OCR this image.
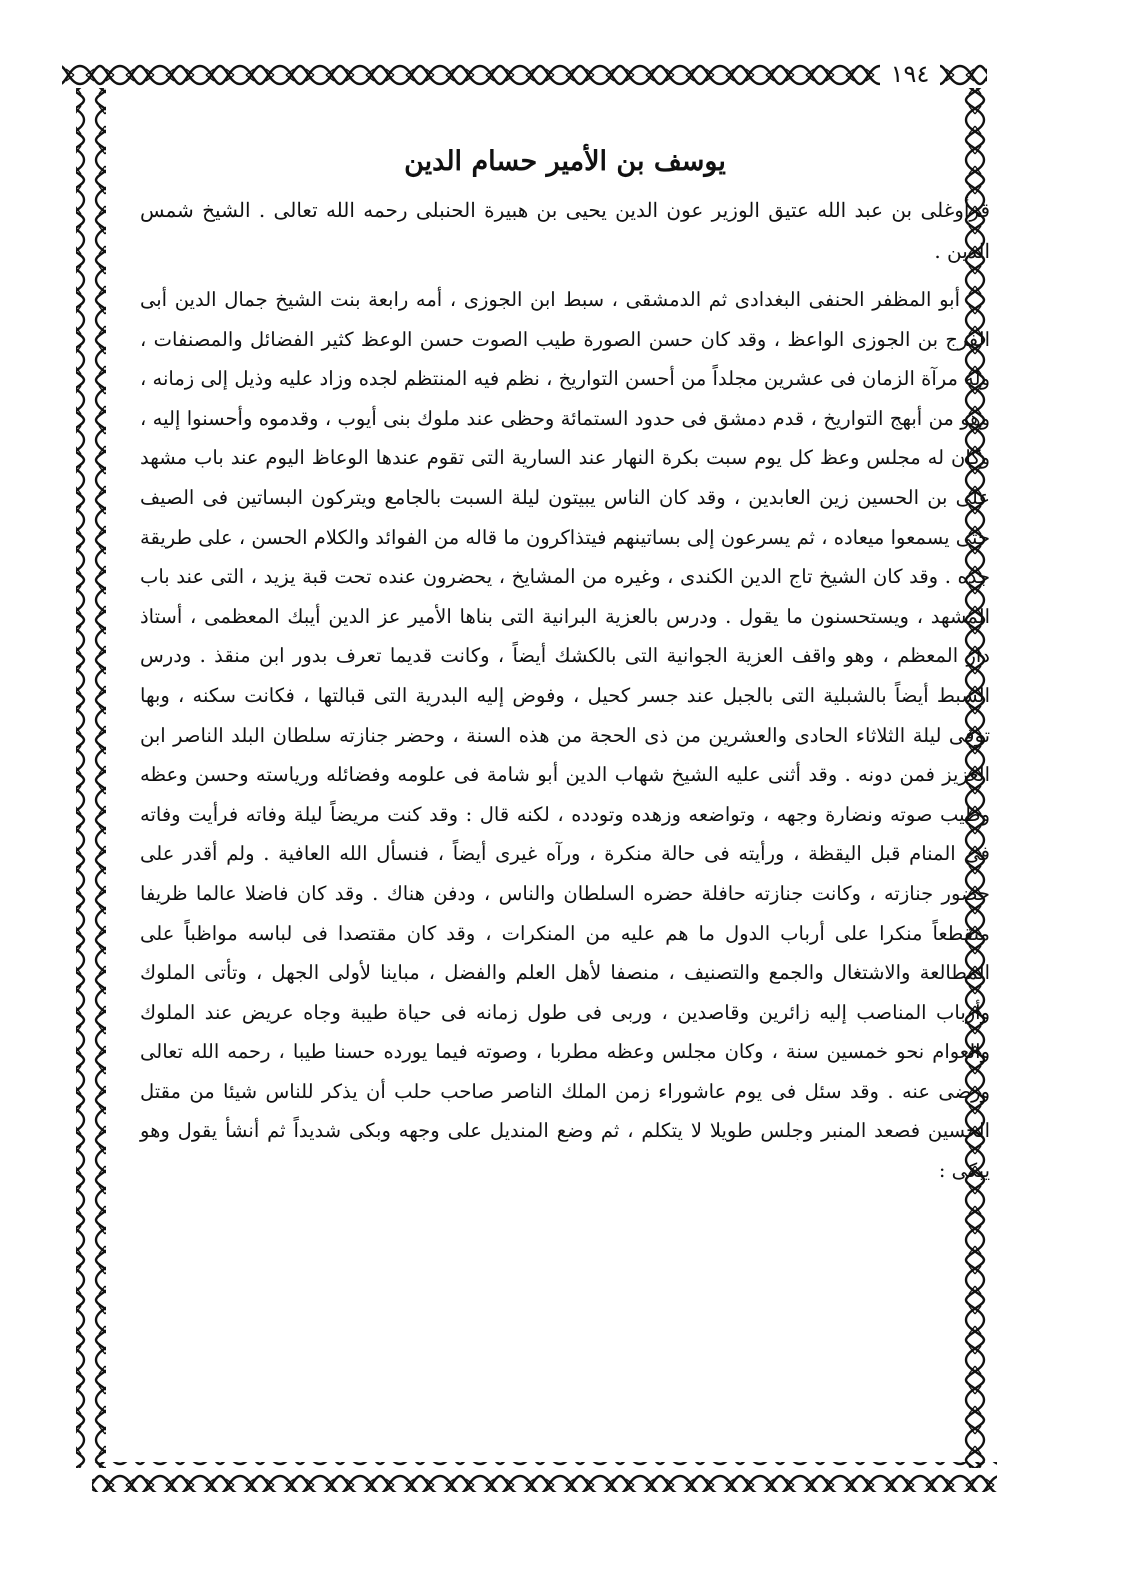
١٩٤
يوسف بن الأمير حسام الدين

قزأوغلى بن عبد الله عتيق الوزير عون الدين يحيى بن هبيرة الحنبلى رحمه الله تعالى . الشيخ شمس الدين .

أبو المظفر الحنفى البغدادى ثم الدمشقى ، سبط ابن الجوزى ، أمه رابعة بنت الشيخ جمال الدين أبى الفرج بن الجوزى الواعظ ، وقد كان حسن الصورة طيب الصوت حسن الوعظ كثير الفضائل والمصنفات ، وله مرآة الزمان فى عشرين مجلداً من أحسن التواريخ ، نظم فيه المنتظم لجده وزاد عليه وذيل إلى زمانه ، وهو من أبهج التواريخ ، قدم دمشق فى حدود الستمائة وحظى عند ملوك بنى أيوب ، وقدموه وأحسنوا إليه ، وكان له مجلس وعظ كل يوم سبت بكرة النهار عند السارية التى تقوم عندها الوعاظ اليوم عند باب مشهد على بن الحسين زين العابدين ، وقد كان الناس يبيتون ليلة السبت بالجامع ويتركون البساتين فى الصيف حتى يسمعوا ميعاده ، ثم يسرعون إلى بساتينهم فيتذاكرون ما قاله من الفوائد والكلام الحسن ، على طريقة جده . وقد كان الشيخ تاج الدين الكندى ، وغيره من المشايخ ، يحضرون عنده تحت قبة يزيد ، التى عند باب المشهد ، ويستحسنون ما يقول . ودرس بالعزية البرانية التى بناها الأمير عز الدين أيبك المعظمى ، أستاذ دار المعظم ، وهو واقف العزية الجوانية التى بالكشك أيضاً ، وكانت قديما تعرف بدور ابن منقذ . ودرس السبط أيضاً بالشبلية التى بالجبل عند جسر كحيل ، وفوض إليه البدرية التى قبالتها ، فكانت سكنه ، وبها توفى ليلة الثلاثاء الحادى والعشرين من ذى الحجة من هذه السنة ، وحضر جنازته سلطان البلد الناصر ابن العزيز فمن دونه . وقد أثنى عليه الشيخ شهاب الدين أبو شامة فى علومه وفضائله ورياسته وحسن وعظه وطيب صوته ونضارة وجهه ، وتواضعه وزهده وتودده ، لكنه قال : وقد كنت مريضاً ليلة وفاته فرأيت وفاته فى المنام قبل اليقظة ، ورأيته فى حالة منكرة ، ورآه غيرى أيضاً ، فنسأل الله العافية . ولم أقدر على حضور جنازته ، وكانت جنازته حافلة حضره السلطان والناس ، ودفن هناك . وقد كان فاضلا عالما ظريفا منقطعاً منكرا على أرباب الدول ما هم عليه من المنكرات ، وقد كان مقتصدا فى لباسه مواظباً على المطالعة والاشتغال والجمع والتصنيف ، منصفا لأهل العلم والفضل ، مباينا لأولى الجهل ، وتأتى الملوك وأرباب المناصب إليه زائرين وقاصدين ، وربى فى طول زمانه فى حياة طيبة وجاه عريض عند الملوك والعوام نحو خمسين سنة ، وكان مجلس وعظه مطربا ، وصوته فيما يورده حسنا طيبا ، رحمه الله تعالى ورضى عنه . وقد سئل فى يوم عاشوراء زمن الملك الناصر صاحب حلب أن يذكر للناس شيئا من مقتل الحسين فصعد المنبر وجلس طويلا لا يتكلم ، ثم وضع المنديل على وجهه وبكى شديداً ثم أنشأ يقول وهو يبكى :
